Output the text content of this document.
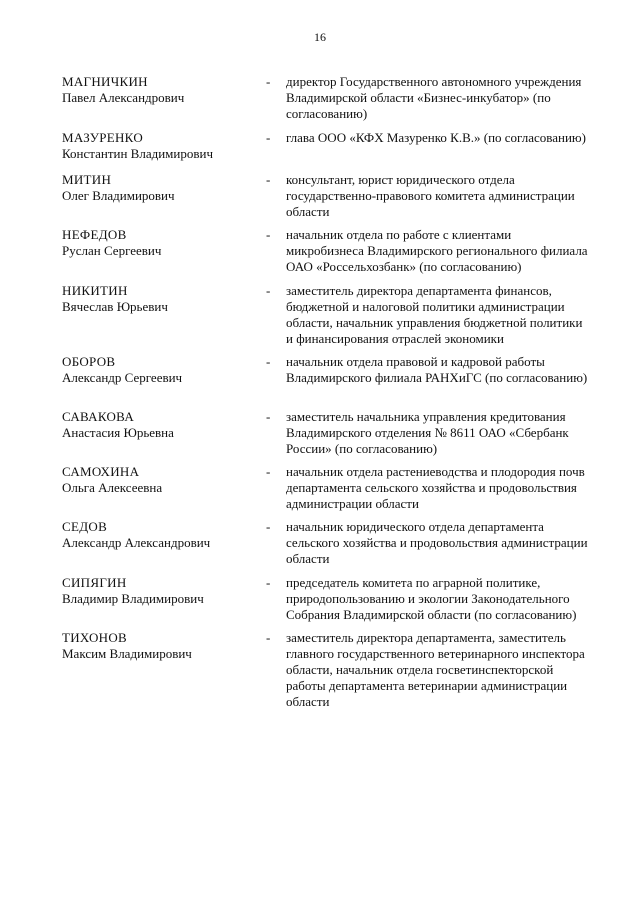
16
МАГНИЧКИН
Павел Александрович
-	директор Государственного автономного учреждения Владимирской области «Бизнес-инкубатор» (по согласованию)
МАЗУРЕНКО
Константин Владимирович
-	глава ООО «КФХ Мазуренко К.В.» (по согласованию)
МИТИН
Олег Владимирович
-	консультант, юрист юридического отдела государственно-правового комитета администрации области
НЕФЕДОВ
Руслан Сергеевич
-	начальник отдела по работе с клиентами микробизнеса Владимирского регионального филиала ОАО «Россельхозбанк» (по согласованию)
НИКИТИН
Вячеслав Юрьевич
-	заместитель директора департамента финансов, бюджетной и налоговой политики администрации области, начальник управления бюджетной политики и финансирования отраслей экономики
ОБОРОВ
Александр Сергеевич
-	начальник отдела правовой и кадровой работы Владимирского филиала РАНХиГС (по согласованию)
САВАКОВА
Анастасия Юрьевна
-	заместитель начальника управления кредитования Владимирского отделения № 8611 ОАО «Сбербанк России» (по согласованию)
САМОХИНА
Ольга Алексеевна
-	начальник отдела растениеводства и плодородия почв департамента сельского хозяйства и продовольствия администрации области
СЕДОВ
Александр Александрович
-	начальник юридического отдела департамента сельского хозяйства и продовольствия администрации области
СИПЯГИН
Владимир Владимирович
-	председатель комитета по аграрной политике, природопользованию и экологии Законодательного Собрания Владимирской области (по согласованию)
ТИХОНОВ
Максим Владимирович
-	заместитель директора департамента, заместитель главного государственного ветеринарного инспектора области, начальник отдела госветинспекторской работы департамента ветеринарии администрации области
